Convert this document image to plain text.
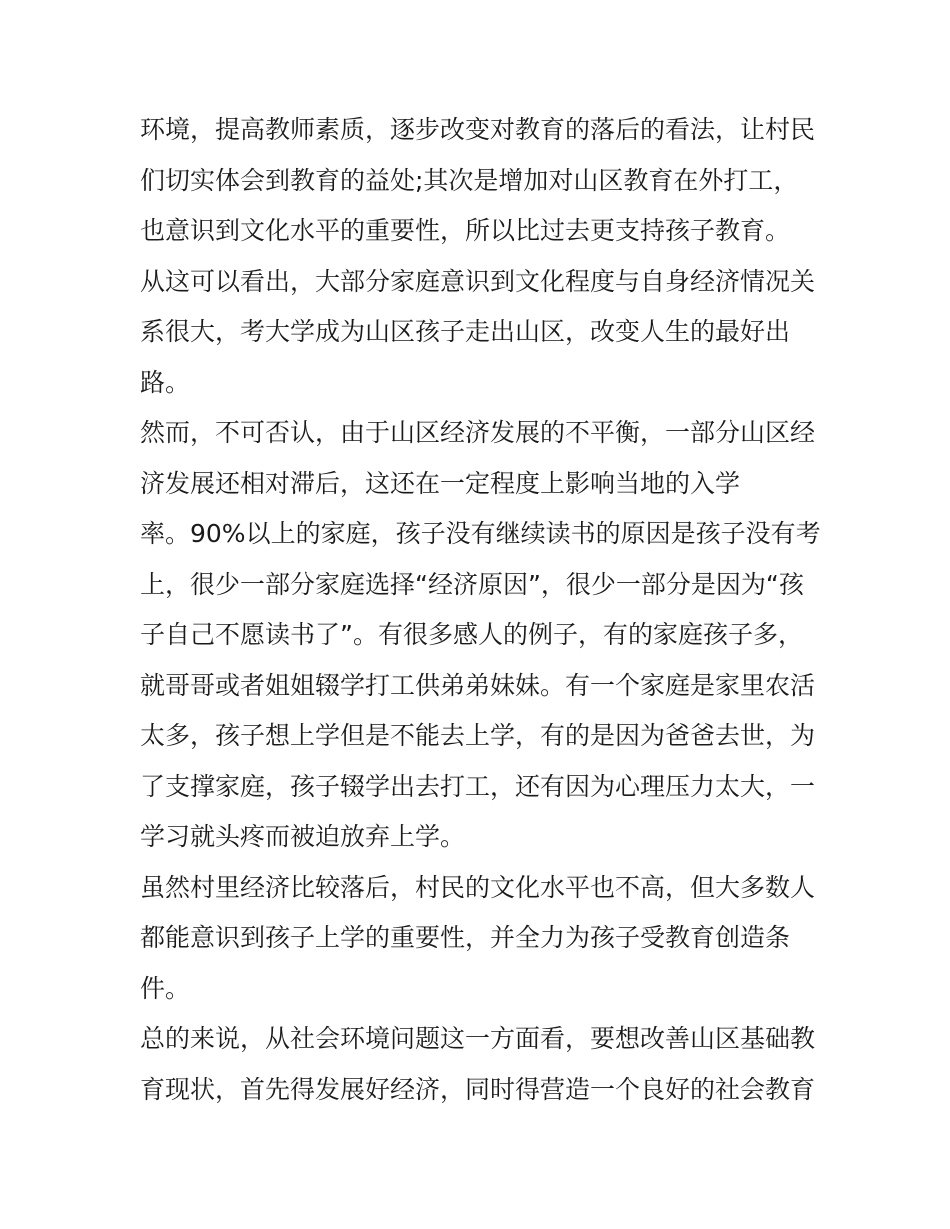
环境，提高教师素质，逐步改变对教育的落后的看法，让村民
们切实体会到教育的益处;其次是增加对山区教育在外打工，
也意识到文化水平的重要性，所以比过去更支持孩子教育。
从这可以看出，大部分家庭意识到文化程度与自身经济情况关
系很大，考大学成为山区孩子走出山区，改变人生的最好出
路。
然而，不可否认，由于山区经济发展的不平衡，一部分山区经
济发展还相对滞后，这还在一定程度上影响当地的入学
率。90%以上的家庭，孩子没有继续读书的原因是孩子没有考
上，很少一部分家庭选择“经济原因”，很少一部分是因为“孩
子自己不愿读书了”。有很多感人的例子，有的家庭孩子多，
就哥哥或者姐姐辍学打工供弟弟妹妹。有一个家庭是家里农活
太多，孩子想上学但是不能去上学，有的是因为爸爸去世，为
了支撑家庭，孩子辍学出去打工，还有因为心理压力太大，一
学习就头疼而被迫放弃上学。
虽然村里经济比较落后，村民的文化水平也不高，但大多数人
都能意识到孩子上学的重要性，并全力为孩子受教育创造条
件。
总的来说，从社会环境问题这一方面看，要想改善山区基础教
育现状，首先得发展好经济，同时得营造一个良好的社会教育
